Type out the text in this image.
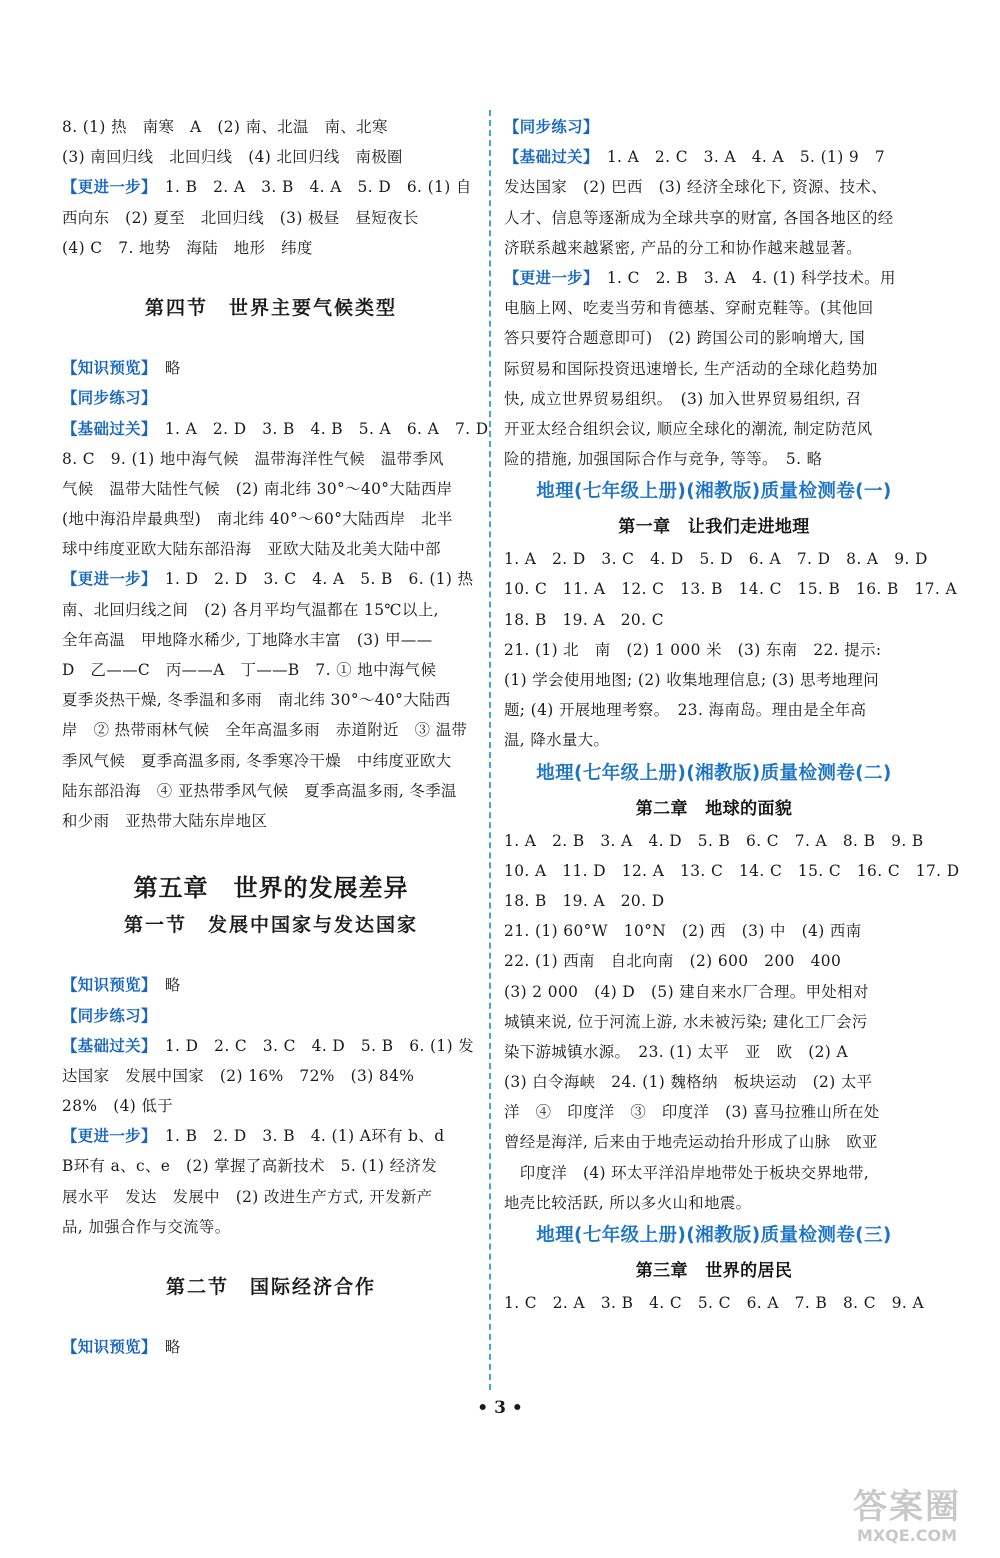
8. (1) 热　南寒　A　(2) 南、北温　南、北寒
(3) 南回归线　北回归线　(4) 北回归线　南极圈
【更进一步】　1. B　2. A　3. B　4. A　5. D　6. (1) 自
西向东　(2) 夏至　北回归线　(3) 极昼　昼短夜长
(4) C　7. 地势　海陆　地形　纬度
第四节　世界主要气候类型
【知识预览】　略
【同步练习】
【基础过关】　1. A　2. D　3. B　4. B　5. A　6. A　7. D
8. C　9. (1) 地中海气候　温带海洋性气候　温带季风
气候　温带大陆性气候　(2) 南北纬 30°～40°大陆西岸
(地中海沿岸最典型)　南北纬 40°～60°大陆西岸　北半
球中纬度亚欧大陆东部沿海　亚欧大陆及北美大陆中部
【更进一步】　1. D　2. D　3. C　4. A　5. B　6. (1) 热
南、北回归线之间　(2) 各月平均气温都在 15℃以上,
全年高温　甲地降水稀少, 丁地降水丰富　(3) 甲——
D　乙——C　丙——A　丁——B　7. ① 地中海气候
夏季炎热干燥, 冬季温和多雨　南北纬 30°～40°大陆西
岸　② 热带雨林气候　全年高温多雨　赤道附近　③ 温带
季风气候　夏季高温多雨, 冬季寒冷干燥　中纬度亚欧大
陆东部沿海　④ 亚热带季风气候　夏季高温多雨, 冬季温
和少雨　亚热带大陆东岸地区
第五章　世界的发展差异
第一节　发展中国家与发达国家
【知识预览】　略
【同步练习】
【基础过关】　1. D　2. C　3. C　4. D　5. B　6. (1) 发
达国家　发展中国家　(2) 16%　72%　(3) 84%
28%　(4) 低于
【更进一步】　1. B　2. D　3. B　4. (1) A环有 b、d
B环有 a、c、e　(2) 掌握了高新技术　5. (1) 经济发
展水平　发达　发展中　(2) 改进生产方式, 开发新产
品, 加强合作与交流等。
第二节　国际经济合作
【知识预览】　略
【同步练习】
【基础过关】　1. A　2. C　3. A　4. A　5. (1) 9　7
发达国家　(2) 巴西　(3) 经济全球化下, 资源、技术、
人才、信息等逐渐成为全球共享的财富, 各国各地区的经
济联系越来越紧密, 产品的分工和协作越来越显著。
【更进一步】　1. C　2. B　3. A　4. (1) 科学技术。用
电脑上网、吃麦当劳和肯德基、穿耐克鞋等。(其他回
答只要符合题意即可)　(2) 跨国公司的影响增大, 国
际贸易和国际投资迅速增长, 生产活动的全球化趋势加
快, 成立世界贸易组织。　(3) 加入世界贸易组织, 召
开亚太经合组织会议, 顺应全球化的潮流, 制定防范风
险的措施, 加强国际合作与竞争, 等等。　5. 略
地理(七年级上册)(湘教版)质量检测卷(一)
第一章　让我们走进地理
1. A　2. D　3. C　4. D　5. D　6. A　7. D　8. A　9. D
10. C　11. A　12. C　13. B　14. C　15. B　16. B　17. A
18. B　19. A　20. C
21. (1) 北　南　(2) 1 000 米　(3) 东南　22. 提示:
(1) 学会使用地图; (2) 收集地理信息; (3) 思考地理问
题; (4) 开展地理考察。　23. 海南岛。理由是全年高
温, 降水量大。
地理(七年级上册)(湘教版)质量检测卷(二)
第二章　地球的面貌
1. A　2. B　3. A　4. D　5. B　6. C　7. A　8. B　9. B
10. A　11. D　12. A　13. C　14. C　15. C　16. C　17. D
18. B　19. A　20. D
21. (1) 60°W　10°N　(2) 西　(3) 中　(4) 西南
22. (1) 西南　自北向南　(2) 600　200　400
(3) 2 000　(4) D　(5) 建自来水厂合理。甲处相对
城镇来说, 位于河流上游, 水未被污染; 建化工厂会污
染下游城镇水源。　23. (1) 太平　亚　欧　(2) A
(3) 白令海峡　24. (1) 魏格纳　板块运动　(2) 太平
洋　④　印度洋　③　印度洋　(3) 喜马拉雅山所在处
曾经是海洋, 后来由于地壳运动抬升形成了山脉　欧亚
　印度洋　(4) 环太平洋沿岸地带处于板块交界地带,
地壳比较活跃, 所以多火山和地震。
地理(七年级上册)(湘教版)质量检测卷(三)
第三章　世界的居民
1. C　2. A　3. B　4. C　5. C　6. A　7. B　8. C　9. A
• 3 •
答案圈
MXQE.COM
